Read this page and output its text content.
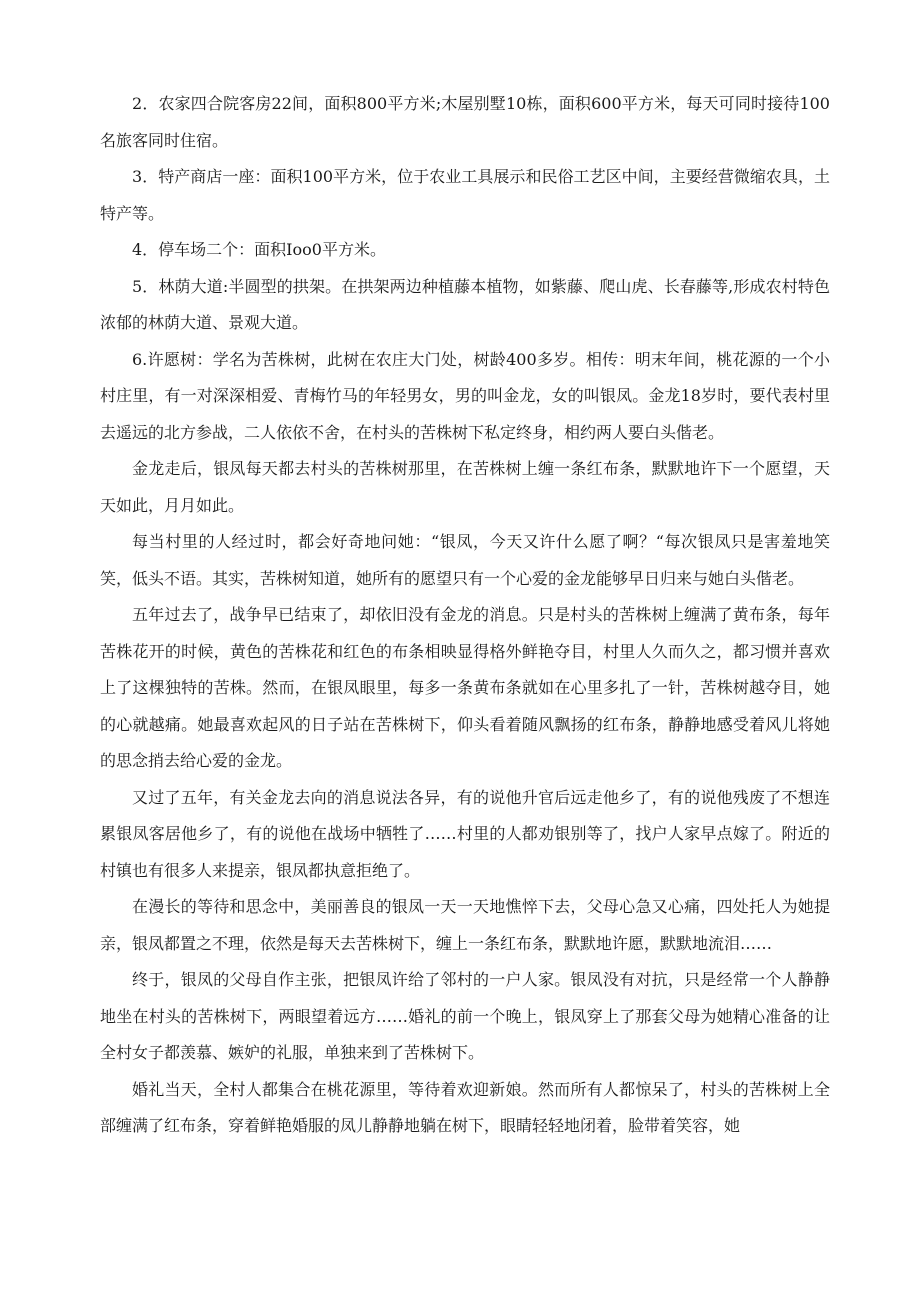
2．农家四合院客房22间，面积800平方米;木屋别墅10栋，面积600平方米，每天可同时接待100名旅客同时住宿。

3．特产商店一座：面积100平方米，位于农业工具展示和民俗工艺区中间，主要经营微缩农具，土特产等。

4．停车场二个：面积Ioo0平方米。

5．林荫大道:半圆型的拱架。在拱架两边种植藤本植物，如紫藤、爬山虎、长春藤等,形成农村特色浓郁的林荫大道、景观大道。

6.许愿树：学名为苦株树，此树在农庄大门处，树龄400多岁。相传：明末年间，桃花源的一个小村庄里，有一对深深相爱、青梅竹马的年轻男女，男的叫金龙，女的叫银凤。金龙18岁时，要代表村里去遥远的北方参战，二人依依不舍，在村头的苦株树下私定终身，相约两人要白头偕老。

金龙走后，银凤每天都去村头的苦株树那里，在苦株树上缠一条红布条，默默地许下一个愿望，天天如此，月月如此。

每当村里的人经过时，都会好奇地问她：“银凤，今天又许什么愿了啊？“每次银凤只是害羞地笑笑，低头不语。其实，苦株树知道，她所有的愿望只有一个心爱的金龙能够早日归来与她白头偕老。

五年过去了，战争早已结束了，却依旧没有金龙的消息。只是村头的苦株树上缠满了黄布条，每年苦株花开的时候，黄色的苦株花和红色的布条相映显得格外鲜艳夺目，村里人久而久之，都习惯并喜欢上了这棵独特的苦株。然而，在银凤眼里，每多一条黄布条就如在心里多扎了一针，苦株树越夺目，她的心就越痛。她最喜欢起风的日子站在苦株树下，仰头看着随风飘扬的红布条，静静地感受着风儿将她的思念捎去给心爱的金龙。

又过了五年，有关金龙去向的消息说法各异，有的说他升官后远走他乡了，有的说他残废了不想连累银凤客居他乡了，有的说他在战场中牺牲了……村里的人都劝银别等了，找户人家早点嫁了。附近的村镇也有很多人来提亲，银凤都执意拒绝了。

在漫长的等待和思念中，美丽善良的银凤一天一天地憔悴下去，父母心急又心痛，四处托人为她提亲，银凤都置之不理，依然是每天去苦株树下，缠上一条红布条，默默地许愿，默默地流泪……

终于，银凤的父母自作主张，把银凤许给了邻村的一户人家。银凤没有对抗，只是经常一个人静静地坐在村头的苦株树下，两眼望着远方……婚礼的前一个晚上，银凤穿上了那套父母为她精心准备的让全村女子都羡慕、嫉妒的礼服，单独来到了苦株树下。

婚礼当天，全村人都集合在桃花源里，等待着欢迎新娘。然而所有人都惊呆了，村头的苦株树上全部缠满了红布条，穿着鲜艳婚服的凤儿静静地躺在树下，眼睛轻轻地闭着，脸带着笑容，她
